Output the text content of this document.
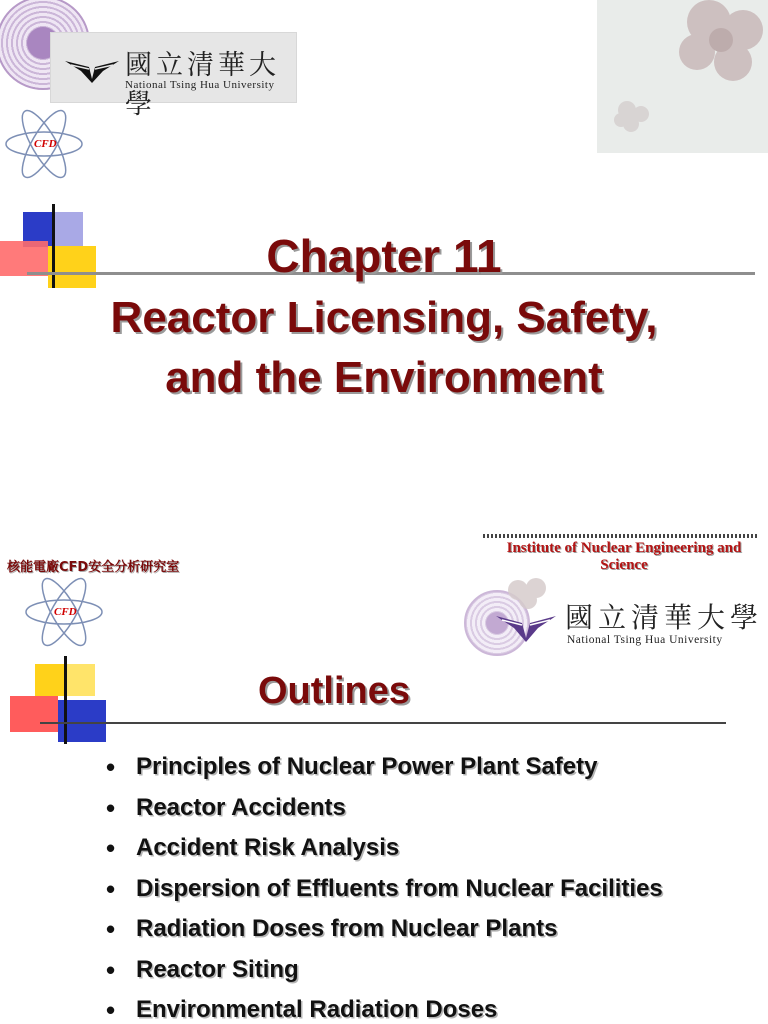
國立清華大學
National Tsing Hua University
CFD
Chapter 11
Reactor Licensing, Safety,
and the Environment
核能電廠CFD安全分析研究室
Institute of Nuclear Engineering and Science
CFD	國立清華大學
National Tsing Hua University
Outlines
• Principles of Nuclear Power Plant Safety
• Reactor Accidents
• Accident Risk Analysis
• Dispersion of Effluents from Nuclear Facilities
• Radiation Doses from Nuclear Plants
• Reactor Siting
• Environmental Radiation Doses
